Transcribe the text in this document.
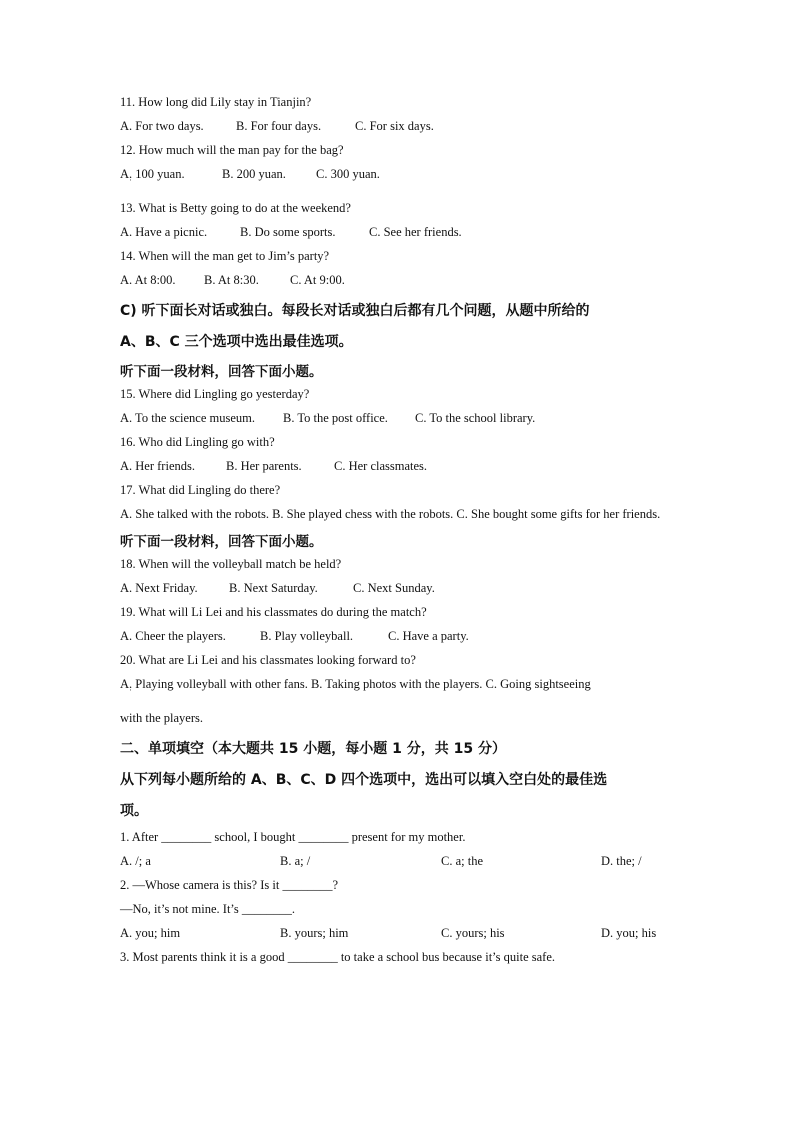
11. How long did Lily stay in Tianjin?

A. For two days.	B. For four days.	C. For six days.

12. How much will the man pay for the bag?

A. 100 yuan.	B. 200 yuan. C. 300 yuan.
·

13. What is Betty going to do at the weekend?

A. Have a picnic.	B. Do some sports.	C. See her friends.

14. When will the man get to Jim’s party?

A. At 8:00. B. At 8:30. C. At 9:00.

C) 听下面长对话或独白。每段长对话或独白后都有几个问题，从题中所给的

A、B、C 三个选项中选出最佳选项。

听下面一段材料，回答下面小题。

15. Where did Lingling go yesterday?

A. To the science museum. B. To the post office. C. To the school library.

16. Who did Lingling go with?

A. Her friends. B. Her parents.	C. Her classmates.

17. What did Lingling do there?

A. She talked with the robots. B. She played chess with the robots. C. She bought some gifts for her friends.

听下面一段材料，回答下面小题。

18. When will the volleyball match be held?

A. Next Friday.	B. Next Saturday.	C. Next Sunday.

19. What will Li Lei and his classmates do during the match?

A. Cheer the players.	B. Play volleyball.	C. Have a party.

20. What are Li Lei and his classmates looking forward to?

A. Playing volleyball with other fans. B. Taking photos with the players. C. Going sightseeing

·

with the players.

二、单项填空（本大题共 15 小题，每小题 1 分，共 15 分）

从下列每小题所给的 A、B、C、D 四个选项中，选出可以填入空白处的最佳选

项。

1. After ________ school, I bought ________ present for my mother.

A. /; a	B. a; /	C. a; the	D. the; /

2. —Whose camera is this? Is it ________?

—No, it’s not mine. It’s ________.

A. you; him	B. yours; him	C. yours; his	D. you; his

3. Most parents think it is a good ________ to take a school bus because it’s quite safe.
